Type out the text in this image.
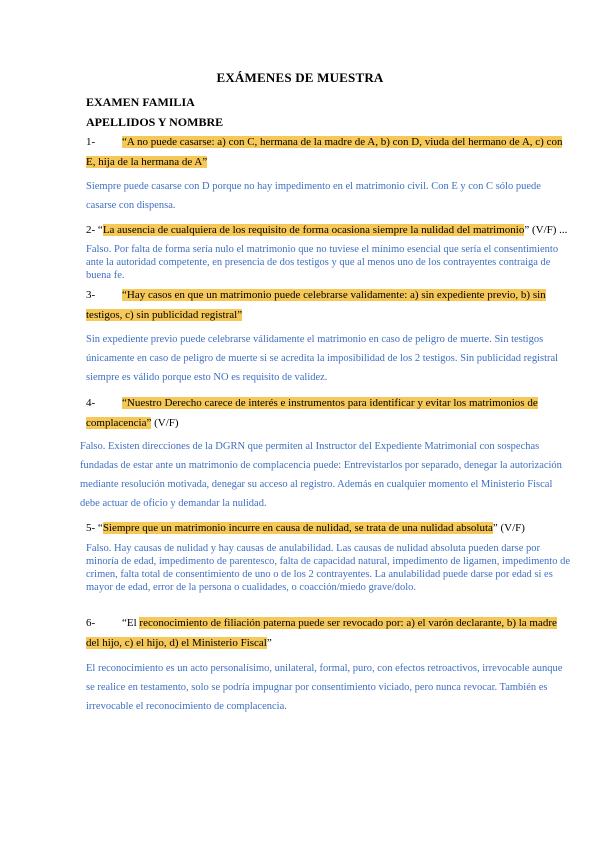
EXÁMENES DE MUESTRA
EXAMEN FAMILIA
APELLIDOS Y NOMBRE
1- “A no puede casarse: a) con C, hermana de la madre de A, b) con D, viuda del hermano de A, c) con E, hija de la hermana de A”
Siempre puede casarse con D porque no hay impedimento en el matrimonio civil. Con E y con C sólo puede casarse con dispensa.
2- “La ausencia de cualquiera de los requisito de forma ocasiona siempre la nulidad del matrimonio” (V/F) ...
Falso. Por falta de forma sería nulo el matrimonio que no tuviese el mínimo esencial que sería el consentimiento ante la autoridad competente, en presencia de dos testigos y que al menos uno de los contrayentes contraiga de buena fe.
3- “Hay casos en que un matrimonio puede celebrarse validamente: a) sin expediente previo, b) sin testigos, c) sin publicidad registral”
Sin expediente previo puede celebrarse válidamente el matrimonio en caso de peligro de muerte. Sin testigos únicamente en caso de peligro de muerte si se acredita la imposibilidad de los 2 testigos. Sin publicidad registral siempre es válido porque esto NO es requisito de validez.
4- “Nuestro Derecho carece de interés e instrumentos para identificar y evitar los matrimonios de complacencia” (V/F)
Falso. Existen direcciones de la DGRN que permiten al Instructor del Expediente Matrimonial con sospechas fundadas de estar ante un matrimonio de complacencia puede: Entrevistarlos por separado, denegar la autorización mediante resolución motivada, denegar su acceso al registro. Además en cualquier momento el Ministerio Fiscal debe actuar de oficio y demandar la nulidad.
5- “Siempre que un matrimonio incurre en causa de nulidad, se trata de una nulidad absoluta” (V/F)
Falso. Hay causas de nulidad y hay causas de anulabilidad. Las causas de nulidad absoluta pueden darse por minoría de edad, impedimento de parentesco, falta de capacidad natural, impedimento de ligamen, impedimento de crimen, falta total de consentimiento de uno o de los 2 contrayentes. La anulabilidad puede darse por edad si es mayor de edad, error de la persona o cualidades, o coacción/miedo grave/dolo.
6- “El reconocimiento de filiación paterna puede ser revocado por: a) el varón declarante, b) la madre del hijo, c) el hijo, d) el Ministerio Fiscal”
El reconocimiento es un acto personalísimo, unilateral, formal, puro, con efectos retroactivos, irrevocable aunque se realice en testamento, solo se podría impugnar por consentimiento viciado, pero nunca revocar. También es irrevocable el reconocimiento de complacencia.
